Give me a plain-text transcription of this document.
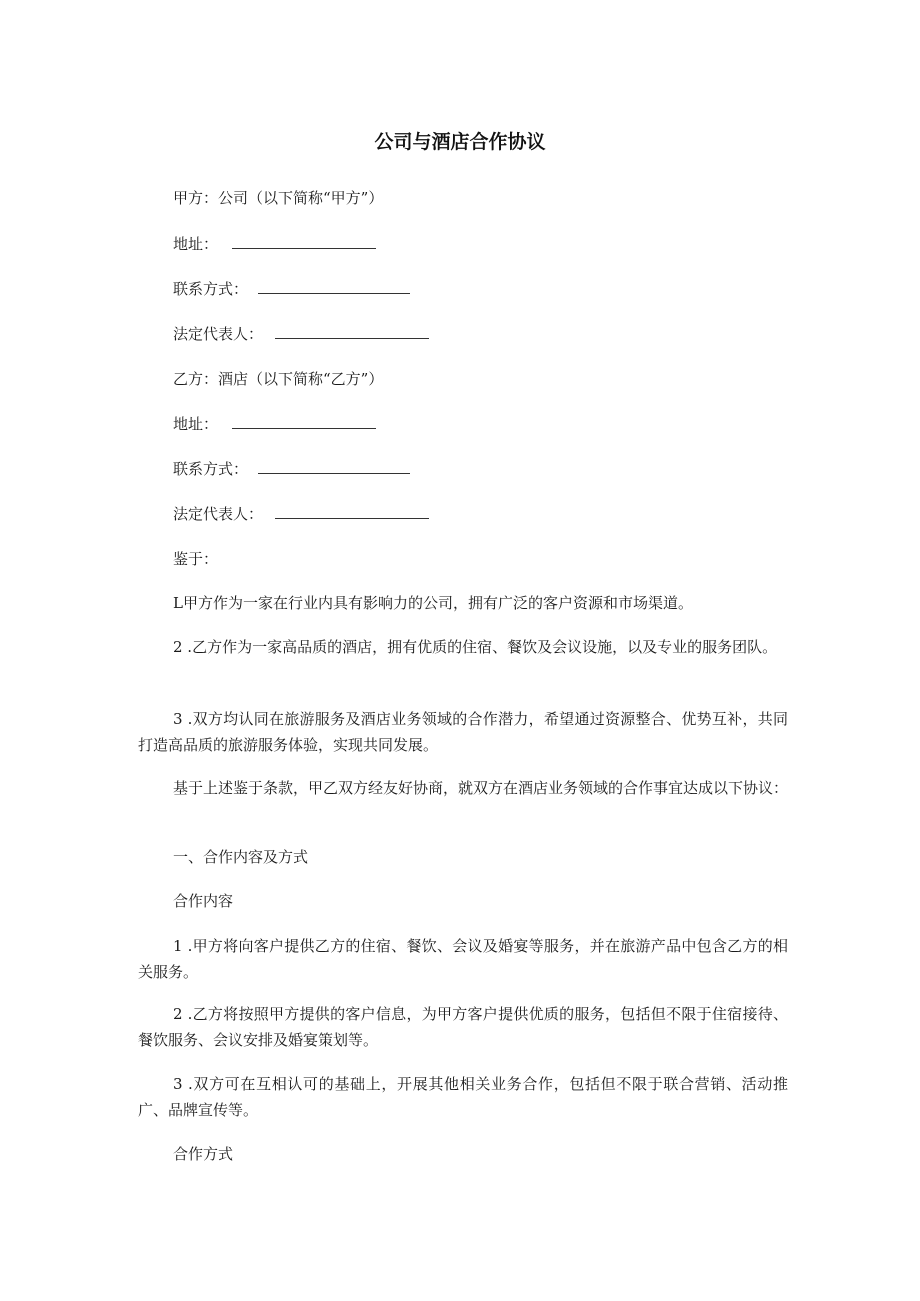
公司与酒店合作协议
甲方：公司（以下简称“甲方”）
地址：
联系方式：
法定代表人：
乙方：酒店（以下简称“乙方”）
地址：
联系方式：
法定代表人：
鉴于：
L甲方作为一家在行业内具有影响力的公司，拥有广泛的客户资源和市场渠道。
2 .乙方作为一家高品质的酒店，拥有优质的住宿、餐饮及会议设施，以及专业的服务团队。
3 .双方均认同在旅游服务及酒店业务领域的合作潜力，希望通过资源整合、优势互补，共同打造高品质的旅游服务体验，实现共同发展。
基于上述鉴于条款，甲乙双方经友好协商，就双方在酒店业务领域的合作事宜达成以下协议：
一、合作内容及方式
合作内容
1 .甲方将向客户提供乙方的住宿、餐饮、会议及婚宴等服务，并在旅游产品中包含乙方的相关服务。
2 .乙方将按照甲方提供的客户信息，为甲方客户提供优质的服务，包括但不限于住宿接待、餐饮服务、会议安排及婚宴策划等。
3 .双方可在互相认可的基础上，开展其他相关业务合作，包括但不限于联合营销、活动推广、品牌宣传等。
合作方式
